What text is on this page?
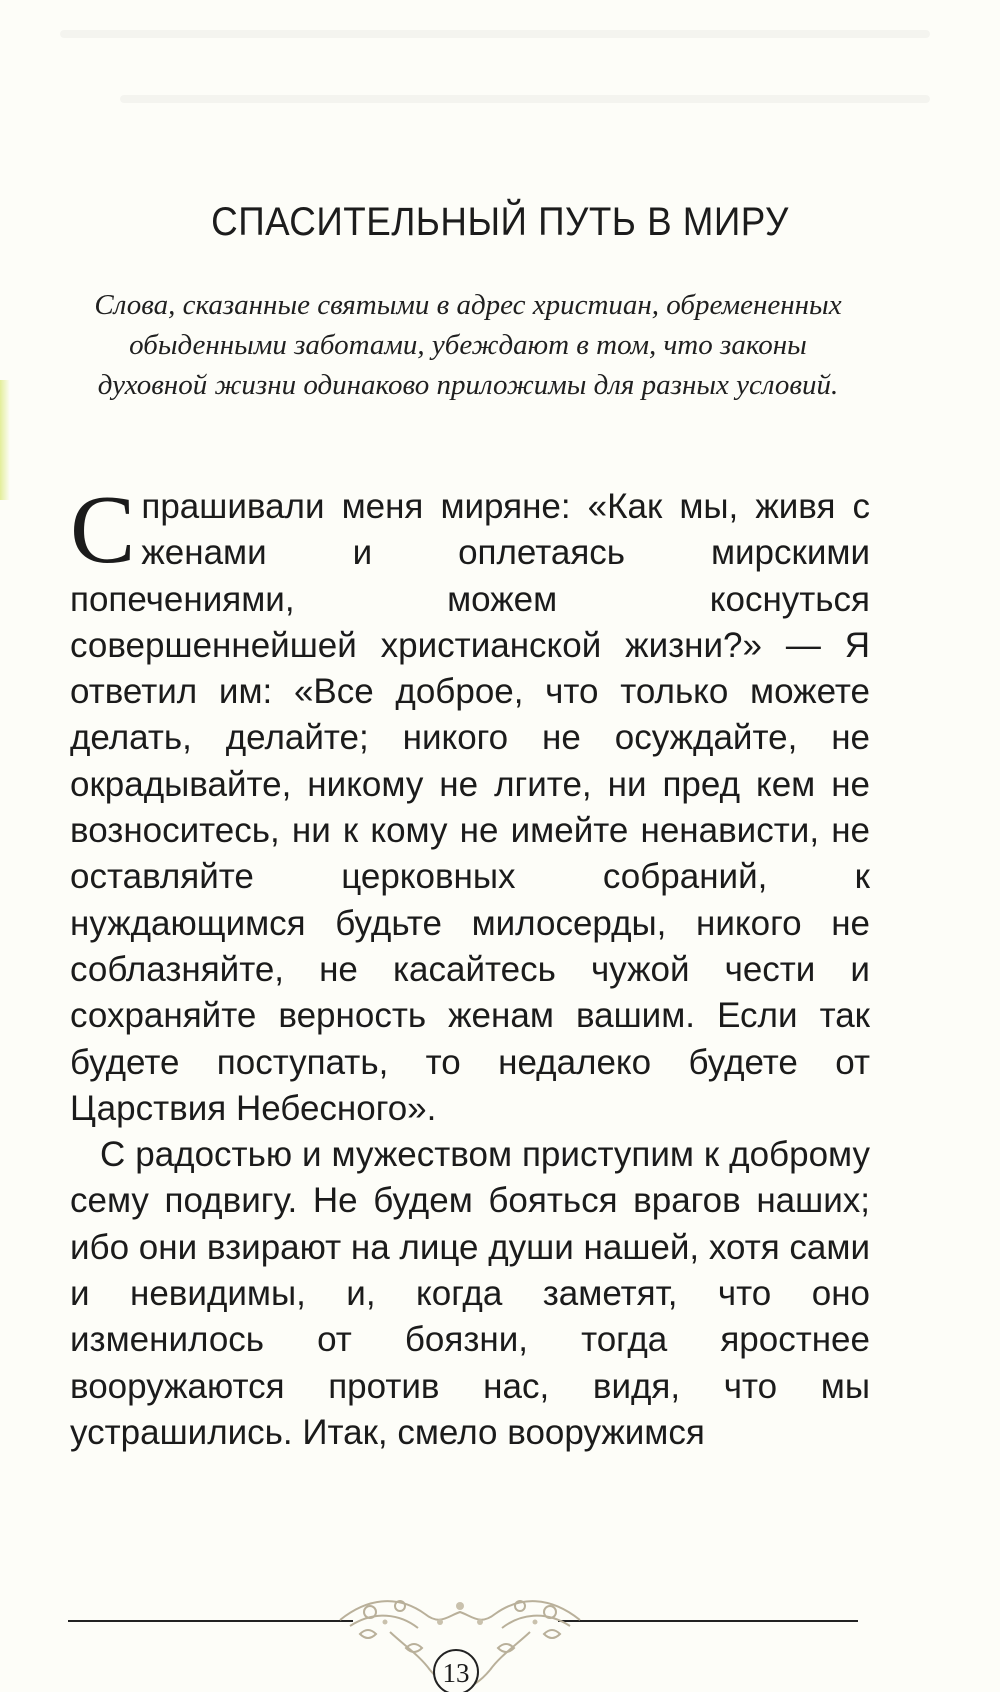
СПАСИТЕЛЬНЫЙ ПУТЬ В МИРУ
Слова, сказанные святыми в адрес христиан, обремененных обыденными заботами, убеждают в том, что законы духовной жизни одинаково приложимы для разных условий.

Спрашивали меня миряне: «Как мы, живя с женами и оплетаясь мирскими попечениями, можем коснуться совершеннейшей христианской жизни?» — Я ответил им: «Все доброе, что только можете делать, делайте; никого не осуждайте, не окрадывайте, никому не лгите, ни пред кем не возноситесь, ни к кому не имейте ненависти, не оставляйте церковных собраний, к нуждающимся будьте милосерды, никого не соблазняйте, не касайтесь чужой чести и сохраняйте верность женам вашим. Если так будете поступать, то недалеко будете от Царствия Небесного».

С радостью и мужеством приступим к доброму сему подвигу. Не будем бояться врагов наших; ибо они взирают на лице души нашей, хотя сами и невидимы, и, когда заметят, что оно изменилось от боязни, тогда яростнее вооружаются против нас, видя, что мы устрашились. Итак, смело вооружимся

13
